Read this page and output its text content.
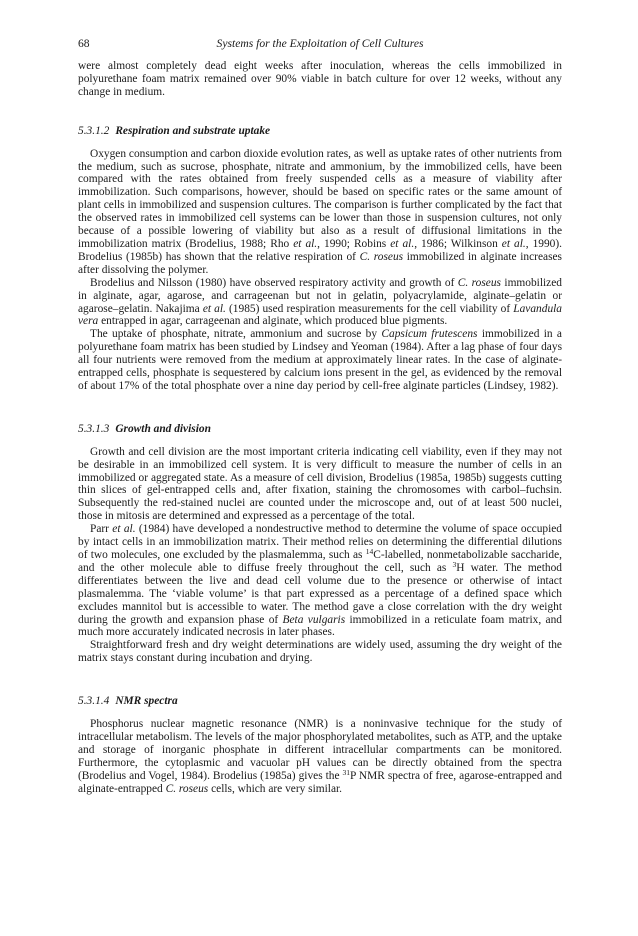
68	Systems for the Exploitation of Cell Cultures

were almost completely dead eight weeks after inoculation, whereas the cells immobilized in polyurethane foam matrix remained over 90% viable in batch culture for over 12 weeks, without any change in medium.

5.3.1.2 Respiration and substrate uptake

Oxygen consumption and carbon dioxide evolution rates, as well as uptake rates of other nutrients from the medium, such as sucrose, phosphate, nitrate and ammonium, by the immobilized cells, have been compared with the rates obtained from freely suspended cells as a measure of viability after immobilization. Such comparisons, however, should be based on specific rates or the same amount of plant cells in immobilized and suspension cultures. The comparison is further complicated by the fact that the observed rates in immobilized cell systems can be lower than those in suspension cultures, not only because of a possible lowering of viability but also as a result of diffusional limitations in the immobilization matrix (Brodelius, 1988; Rho et al., 1990; Robins et al., 1986; Wilkinson et al., 1990). Brodelius (1985b) has shown that the relative respiration of C. roseus immobilized in alginate increases after dissolving the polymer.

Brodelius and Nilsson (1980) have observed respiratory activity and growth of C. roseus immobilized in alginate, agar, agarose, and carrageenan but not in gelatin, polyacrylamide, alginate–gelatin or agarose–gelatin. Nakajima et al. (1985) used respiration measurements for the cell viability of Lavandula vera entrapped in agar, carrageenan and alginate, which produced blue pigments.

The uptake of phosphate, nitrate, ammonium and sucrose by Capsicum frutescens immobilized in a polyurethane foam matrix has been studied by Lindsey and Yeoman (1984). After a lag phase of four days all four nutrients were removed from the medium at approximately linear rates. In the case of alginate-entrapped cells, phosphate is sequestered by calcium ions present in the gel, as evidenced by the removal of about 17% of the total phosphate over a nine day period by cell-free alginate particles (Lindsey, 1982).

5.3.1.3 Growth and division

Growth and cell division are the most important criteria indicating cell viability, even if they may not be desirable in an immobilized cell system. It is very difficult to measure the number of cells in an immobilized or aggregated state. As a measure of cell division, Brodelius (1985a, 1985b) suggests cutting thin slices of gel-entrapped cells and, after fixation, staining the chromosomes with carbol–fuchsin. Subsequently the red-stained nuclei are counted under the microscope and, out of at least 500 nuclei, those in mitosis are determined and expressed as a percentage of the total.

Parr et al. (1984) have developed a nondestructive method to determine the volume of space occupied by intact cells in an immobilization matrix. Their method relies on determining the differential dilutions of two molecules, one excluded by the plasmalemma, such as $^{14}$C-labelled, nonmetabolizable saccharide, and the other molecule able to diffuse freely throughout the cell, such as $^3$H water. The method differentiates between the live and dead cell volume due to the presence or otherwise of intact plasmalemma. The ‘viable volume’ is that part expressed as a percentage of a defined space which excludes mannitol but is accessible to water. The method gave a close correlation with the dry weight during the growth and expansion phase of Beta vulgaris immobilized in a reticulate foam matrix, and much more accurately indicated necrosis in later phases.

Straightforward fresh and dry weight determinations are widely used, assuming the dry weight of the matrix stays constant during incubation and drying.

5.3.1.4 NMR spectra

Phosphorus nuclear magnetic resonance (NMR) is a noninvasive technique for the study of intracellular metabolism. The levels of the major phosphorylated metabolites, such as ATP, and the uptake and storage of inorganic phosphate in different intracellular compartments can be monitored. Furthermore, the cytoplasmic and vacuolar pH values can be directly obtained from the spectra (Brodelius and Vogel, 1984). Brodelius (1985a) gives the $^{31}$P NMR spectra of free, agarose-entrapped and alginate-entrapped C. roseus cells, which are very similar.
